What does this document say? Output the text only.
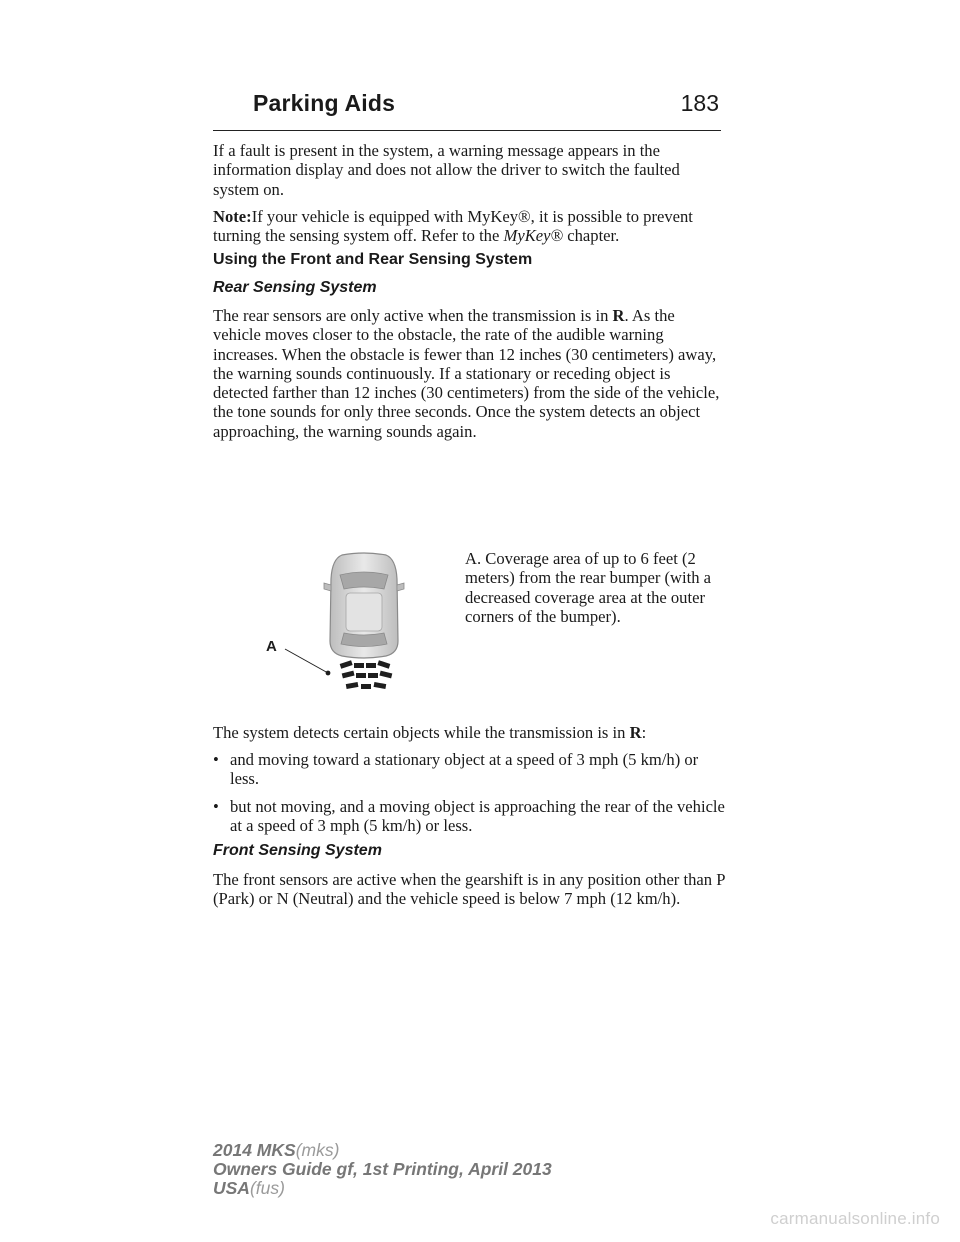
Parking Aids	183

If a fault is present in the system, a warning message appears in the information display and does not allow the driver to switch the faulted system on.

Note:If your vehicle is equipped with MyKey®, it is possible to prevent turning the sensing system off. Refer to the MyKey® chapter.

Using the Front and Rear Sensing System
Rear Sensing System

The rear sensors are only active when the transmission is in R. As the vehicle moves closer to the obstacle, the rate of the audible warning increases. When the obstacle is fewer than 12 inches (30 centimeters) away, the warning sounds continuously. If a stationary or receding object is detected farther than 12 inches (30 centimeters) from the side of the vehicle, the tone sounds for only three seconds. Once the system detects an object approaching, the warning sounds again.

A
A. Coverage area of up to 6 feet (2 meters) from the rear bumper (with a decreased coverage area at the outer corners of the bumper).

The system detects certain objects while the transmission is in R:

• and moving toward a stationary object at a speed of 3 mph (5 km/h) or less.
• but not moving, and a moving object is approaching the rear of the vehicle at a speed of 3 mph (5 km/h) or less.
Front Sensing System

The front sensors are active when the gearshift is in any position other than P (Park) or N (Neutral) and the vehicle speed is below 7 mph (12 km/h).

2014 MKS(mks)
Owners Guide gf, 1st Printing, April 2013
USA(fus)
carmanualsonline.info
